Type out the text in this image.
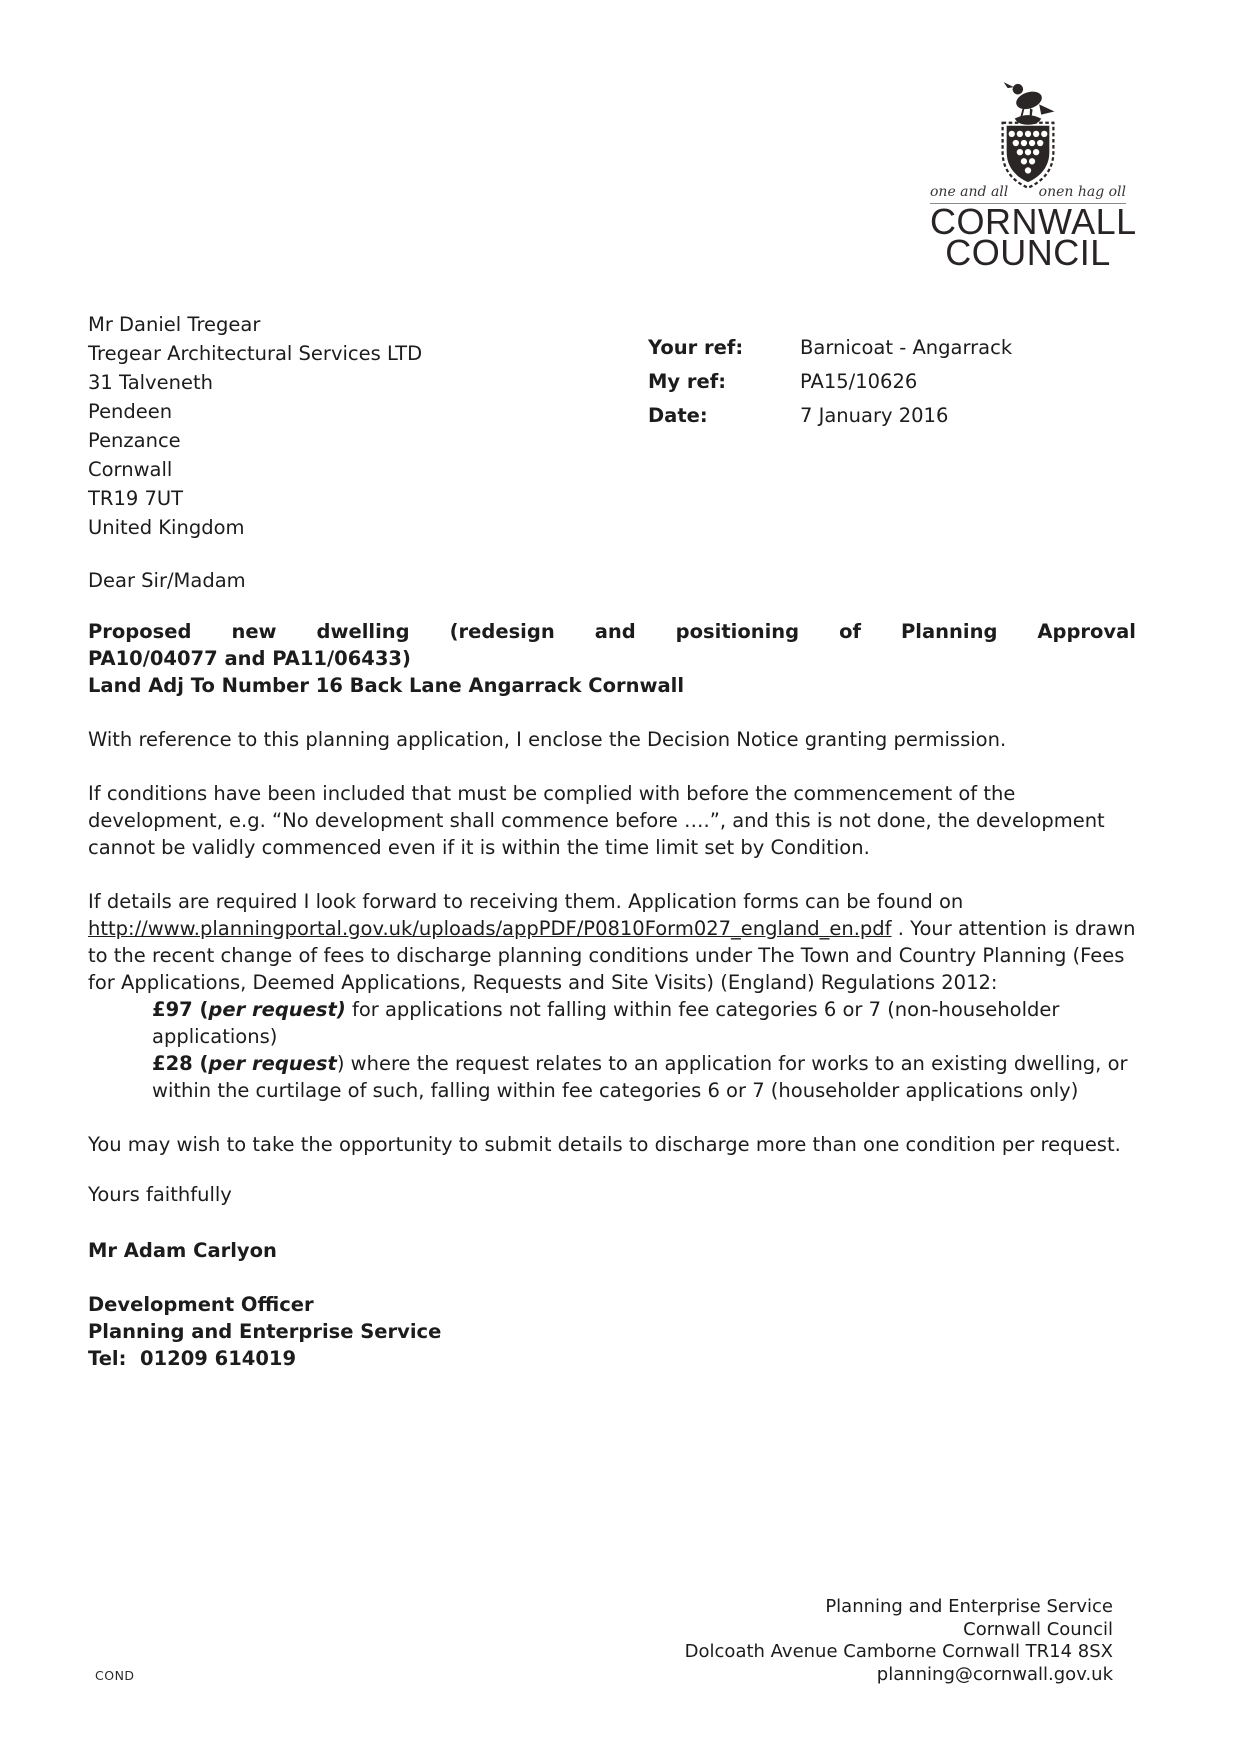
one and all onen hag oll
CORNWALL
COUNCIL
Your ref:	Barnicoat - Angarrack
My ref:	PA15/10626
Date:	7 January 2016
Mr Daniel Tregear
Tregear Architectural Services LTD
31 Talveneth
Pendeen
Penzance
Cornwall
TR19 7UT
United Kingdom
Dear Sir/Madam
Proposed new dwelling (redesign and positioning of Planning Approval
PA10/04077 and PA11/06433)
Land Adj To Number 16 Back Lane Angarrack Cornwall
With reference to this planning application, I enclose the Decision Notice granting permission.
If conditions have been included that must be complied with before the commencement of the development, e.g. “No development shall commence before ….”, and this is not done, the development cannot be validly commenced even if it is within the time limit set by Condition.
If details are required I look forward to receiving them. Application forms can be found on http://www.planningportal.gov.uk/uploads/appPDF/P0810Form027_england_en.pdf . Your attention is drawn to the recent change of fees to discharge planning conditions under The Town and Country Planning (Fees for Applications, Deemed Applications, Requests and Site Visits) (England) Regulations 2012:
£97 (per request) for applications not falling within fee categories 6 or 7 (non-householder applications)
£28 (per request) where the request relates to an application for works to an existing dwelling, or within the curtilage of such, falling within fee categories 6 or 7 (householder applications only)
You may wish to take the opportunity to submit details to discharge more than one condition per request.
Yours faithfully
Mr Adam Carlyon
Development Officer
Planning and Enterprise Service
Tel:  01209 614019
Planning and Enterprise Service
Cornwall Council
Dolcoath Avenue Camborne Cornwall TR14 8SX
planning@cornwall.gov.uk
COND
